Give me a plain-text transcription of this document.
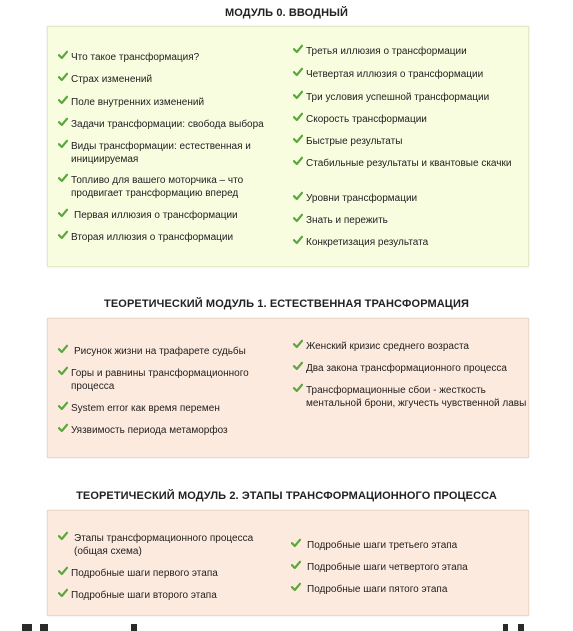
МОДУЛЬ 0. ВВОДНЫЙ
Что такое трансформация?
Страх изменений
Поле внутренних изменений
Задачи трансформации: свобода выбора
Виды трансформации: естественная и инициируемая
Топливо для вашего моторчика – что продвигает трансформацию вперед
Первая иллюзия о трансформации
Вторая иллюзия о трансформации
Третья иллюзия о трансформации
Четвертая иллюзия о трансформации
Три условия успешной трансформации
Скорость трансформации
Быстрые результаты
Стабильные результаты и квантовые скачки
Уровни трансформации
Знать и пережить
Конкретизация результата
ТЕОРЕТИЧЕСКИЙ МОДУЛЬ 1. ЕСТЕСТВЕННАЯ ТРАНСФОРМАЦИЯ
Рисунок жизни на трафарете судьбы
Горы и равнины трансформационного процесса
System error как время перемен
Уязвимость периода метаморфоз
Женский кризис среднего возраста
Два закона трансформационного процесса
Трансформационные сбои - жесткость ментальной брони, жгучесть чувственной лавы
ТЕОРЕТИЧЕСКИЙ МОДУЛЬ 2. ЭТАПЫ ТРАНСФОРМАЦИОННОГО ПРОЦЕССА
Этапы трансформационного процесса (общая схема)
Подробные шаги первого этапа
Подробные шаги второго этапа
Подробные шаги третьего этапа
Подробные шаги четвертого этапа
Подробные шаги пятого этапа
